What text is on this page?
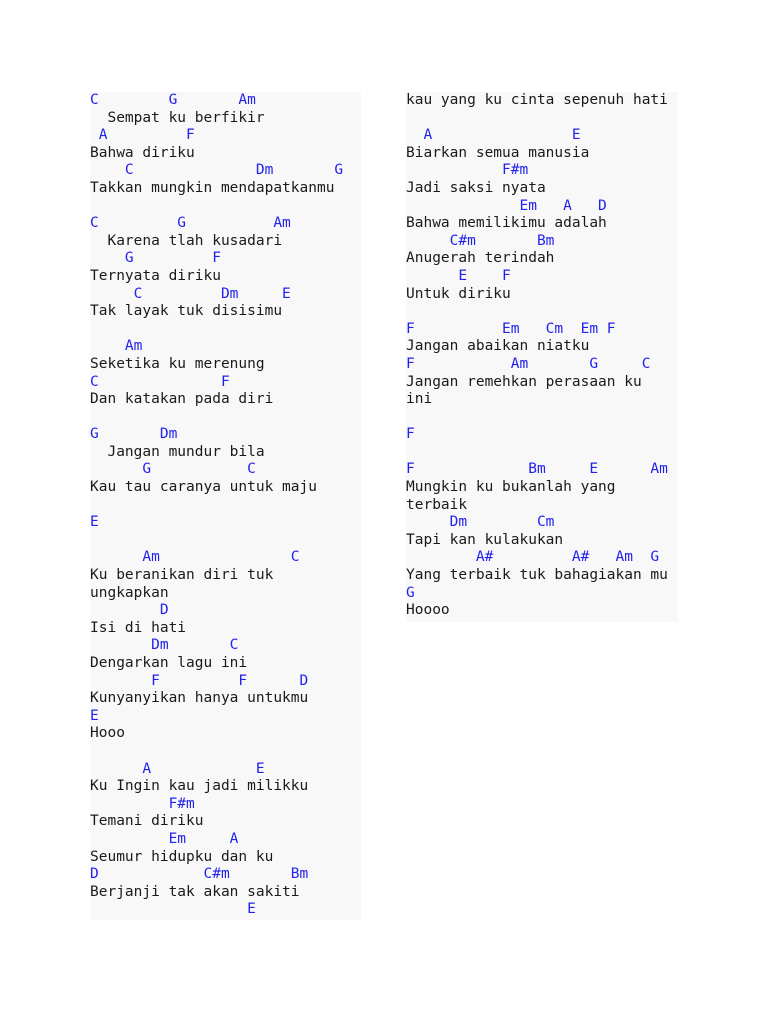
C        G       Am
Sempat ku berfikir
A         F
Bahwa diriku
C              Dm       G
Takkan mungkin mendapatkanmu
C         G          Am
Karena tlah kusadari
G         F
Ternyata diriku
C         Dm     E
Tak layak tuk disisimu
Am
Seketika ku merenung
C              F
Dan katakan pada diri
G       Dm
Jangan mundur bila
G           C
Kau tau caranya untuk maju
E
Am               C
Ku beranikan diri tuk
ungkapkan
D
Isi di hati
Dm       C
Dengarkan lagu ini
F         F      D
Kunyanyikan hanya untukmu
E
Hooo
A            E
Ku Ingin kau jadi milikku
F#m
Temani diriku
Em     A
Seumur hidupku dan ku
D            C#m       Bm
Berjanji tak akan sakiti
E
kau yang ku cinta sepenuh hati
A                E
Biarkan semua manusia
F#m
Jadi saksi nyata
Em   A   D
Bahwa memilikimu adalah
C#m       Bm
Anugerah terindah
E    F
Untuk diriku
F          Em   Cm  Em F
Jangan abaikan niatku
F           Am       G     C
Jangan remehkan perasaan ku
ini
F
F             Bm     E      Am
Mungkin ku bukanlah yang
terbaik
Dm        Cm
Tapi kan kulakukan
A#         A#   Am  G
Yang terbaik tuk bahagiakan mu
G
Hoooo
